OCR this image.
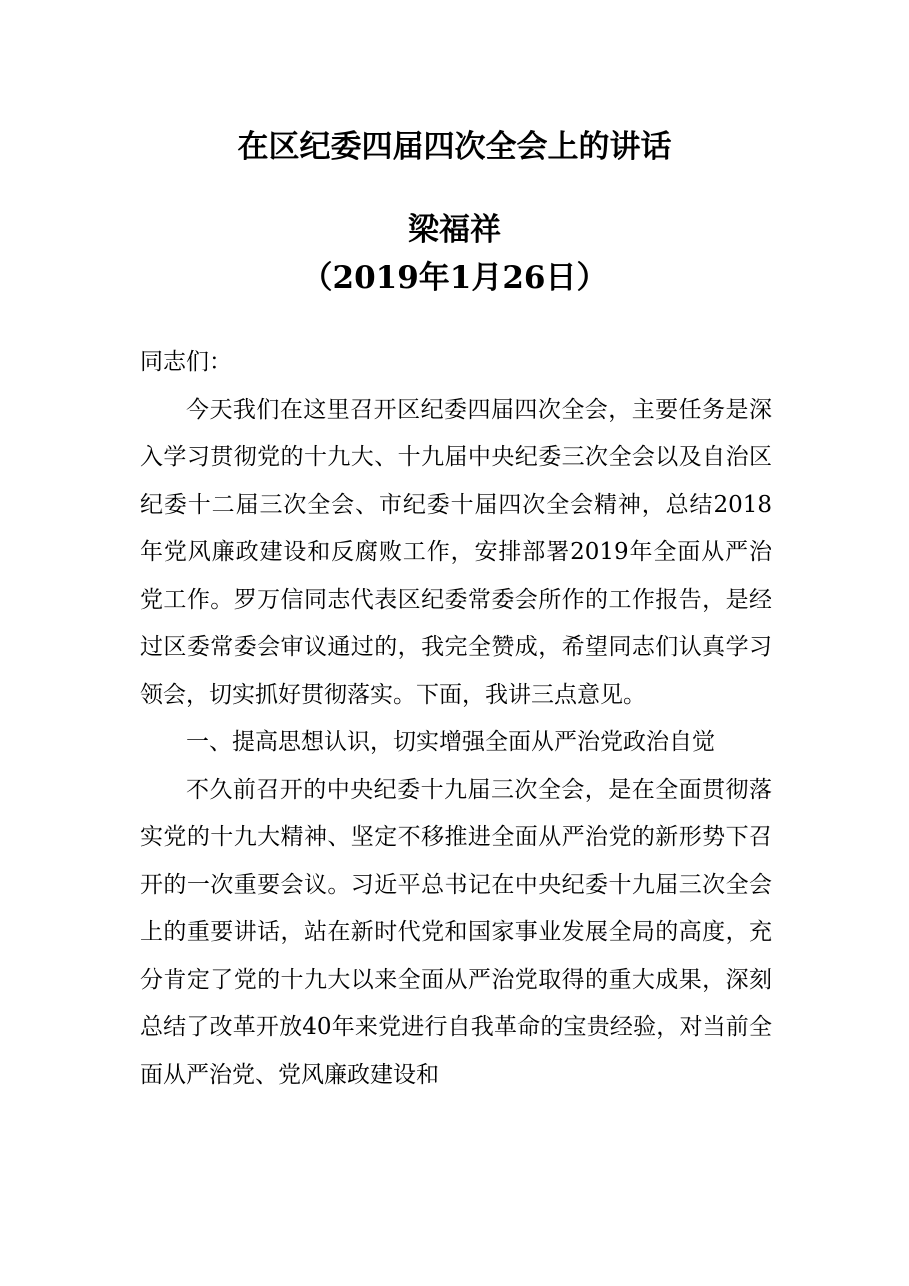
在区纪委四届四次全会上的讲话
梁福祥
（2019年1月26日）

同志们：

今天我们在这里召开区纪委四届四次全会，主要任务是深入学习贯彻党的十九大、十九届中央纪委三次全会以及自治区纪委十二届三次全会、市纪委十届四次全会精神，总结2018年党风廉政建设和反腐败工作，安排部署2019年全面从严治党工作。罗万信同志代表区纪委常委会所作的工作报告，是经过区委常委会审议通过的，我完全赞成，希望同志们认真学习领会，切实抓好贯彻落实。下面，我讲三点意见。

一、提高思想认识，切实增强全面从严治党政治自觉

不久前召开的中央纪委十九届三次全会，是在全面贯彻落实党的十九大精神、坚定不移推进全面从严治党的新形势下召开的一次重要会议。习近平总书记在中央纪委十九届三次全会上的重要讲话，站在新时代党和国家事业发展全局的高度，充分肯定了党的十九大以来全面从严治党取得的重大成果，深刻总结了改革开放40年来党进行自我革命的宝贵经验，对当前全面从严治党、党风廉政建设和
